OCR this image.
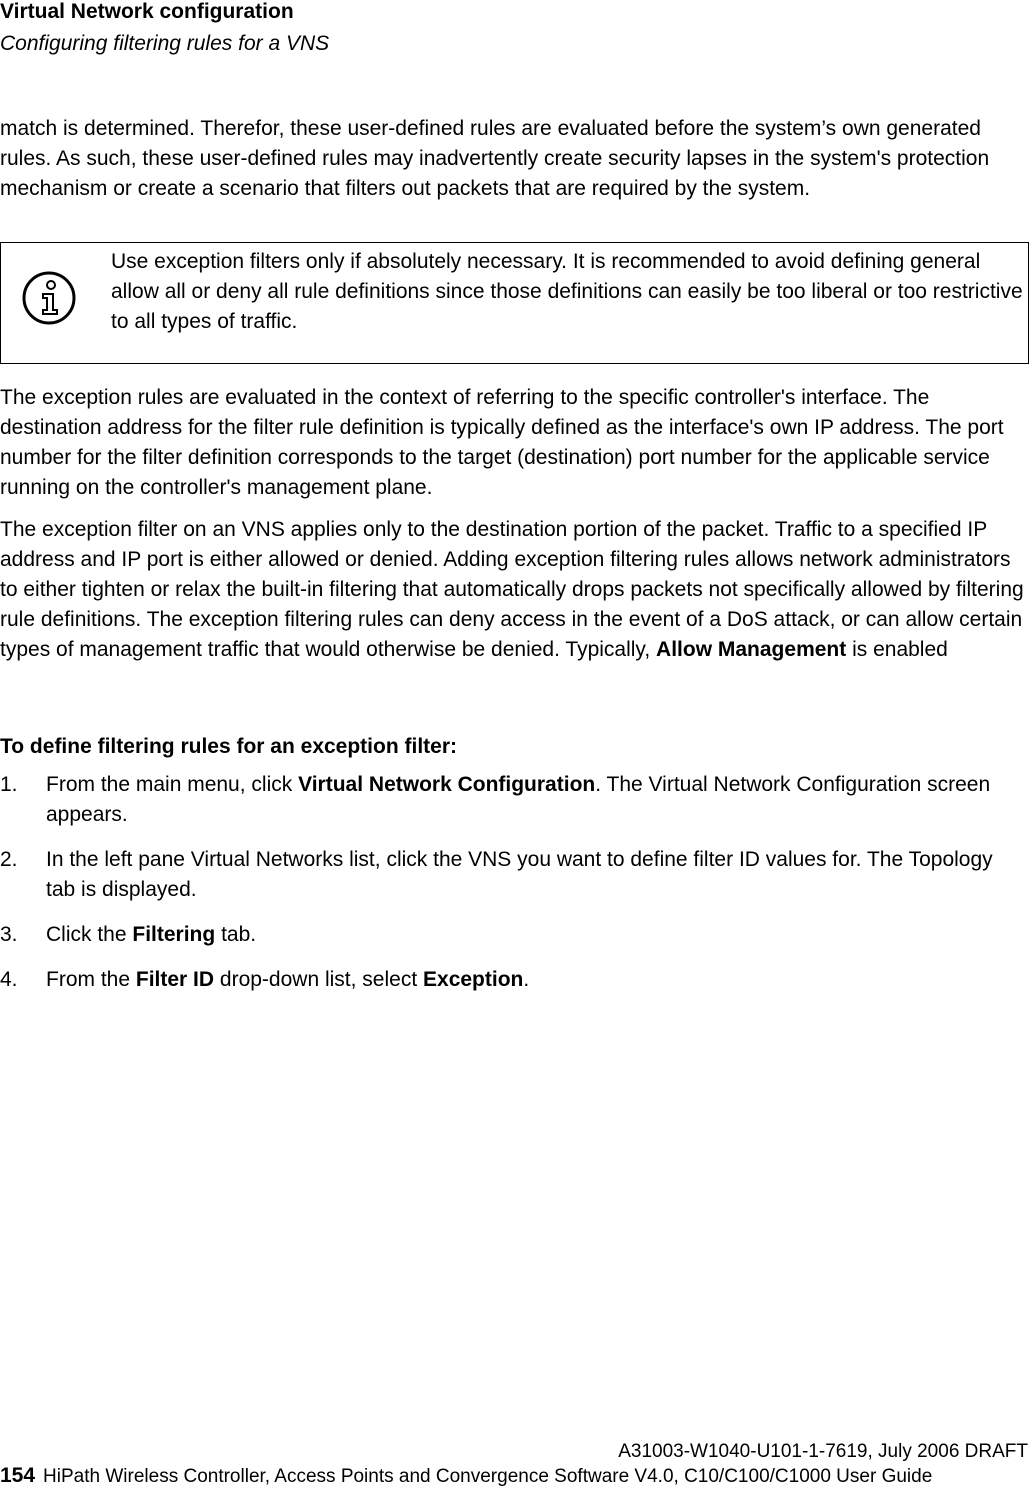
Virtual Network configuration
Configuring filtering rules for a VNS

match is determined. Therefor, these user-defined rules are evaluated before the system’s own generated rules. As such, these user-defined rules may inadvertently create security lapses in the system's protection mechanism or create a scenario that filters out packets that are required by the system.

Use exception filters only if absolutely necessary. It is recommended to avoid defining general allow all or deny all rule definitions since those definitions can easily be too liberal or too restrictive to all types of traffic.

The exception rules are evaluated in the context of referring to the specific controller's interface. The destination address for the filter rule definition is typically defined as the interface's own IP address. The port number for the filter definition corresponds to the target (destination) port number for the applicable service running on the controller's management plane.

The exception filter on an VNS applies only to the destination portion of the packet. Traffic to a specified IP address and IP port is either allowed or denied. Adding exception filtering rules allows network administrators to either tighten or relax the built-in filtering that automatically drops packets not specifically allowed by filtering rule definitions. The exception filtering rules can deny access in the event of a DoS attack, or can allow certain types of management traffic that would otherwise be denied. Typically, Allow Management is enabled

To define filtering rules for an exception filter:
1. From the main menu, click Virtual Network Configuration. The Virtual Network Configuration screen appears.
2. In the left pane Virtual Networks list, click the VNS you want to define filter ID values for. The Topology tab is displayed.
3. Click the Filtering tab.
4. From the Filter ID drop-down list, select Exception.
A31003-W1040-U101-1-7619, July 2006 DRAFT
154 HiPath Wireless Controller, Access Points and Convergence Software V4.0, C10/C100/C1000 User Guide
